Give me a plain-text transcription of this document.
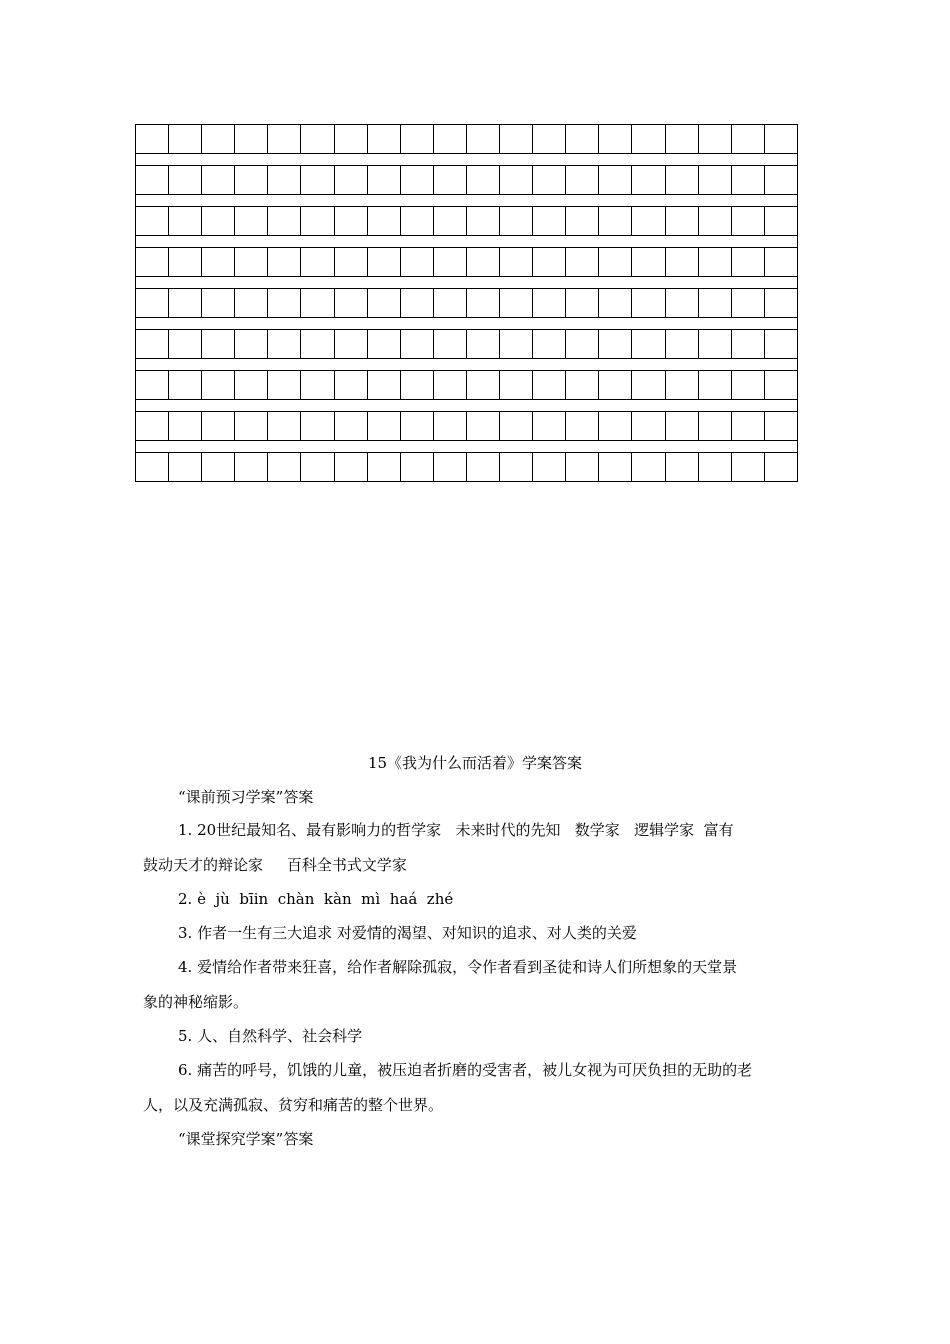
15《我为什么而活着》学案答案
“课前预习学案”答案
1. 20世纪最知名、最有影响力的哲学家   未来时代的先知   数学家   逻辑学家  富有
鼓动天才的辩论家     百科全书式文学家
2. è  jù  bīin  chàn  kàn  mì  haá  zhé
3. 作者一生有三大追求 对爱情的渴望、对知识的追求、对人类的关爱
4. 爱情给作者带来狂喜，给作者解除孤寂，令作者看到圣徒和诗人们所想象的天堂景
象的神秘缩影。
5. 人、自然科学、社会科学
6. 痛苦的呼号，饥饿的儿童，被压迫者折磨的受害者，被儿女视为可厌负担的无助的老
人，以及充满孤寂、贫穷和痛苦的整个世界。
“课堂探究学案”答案
